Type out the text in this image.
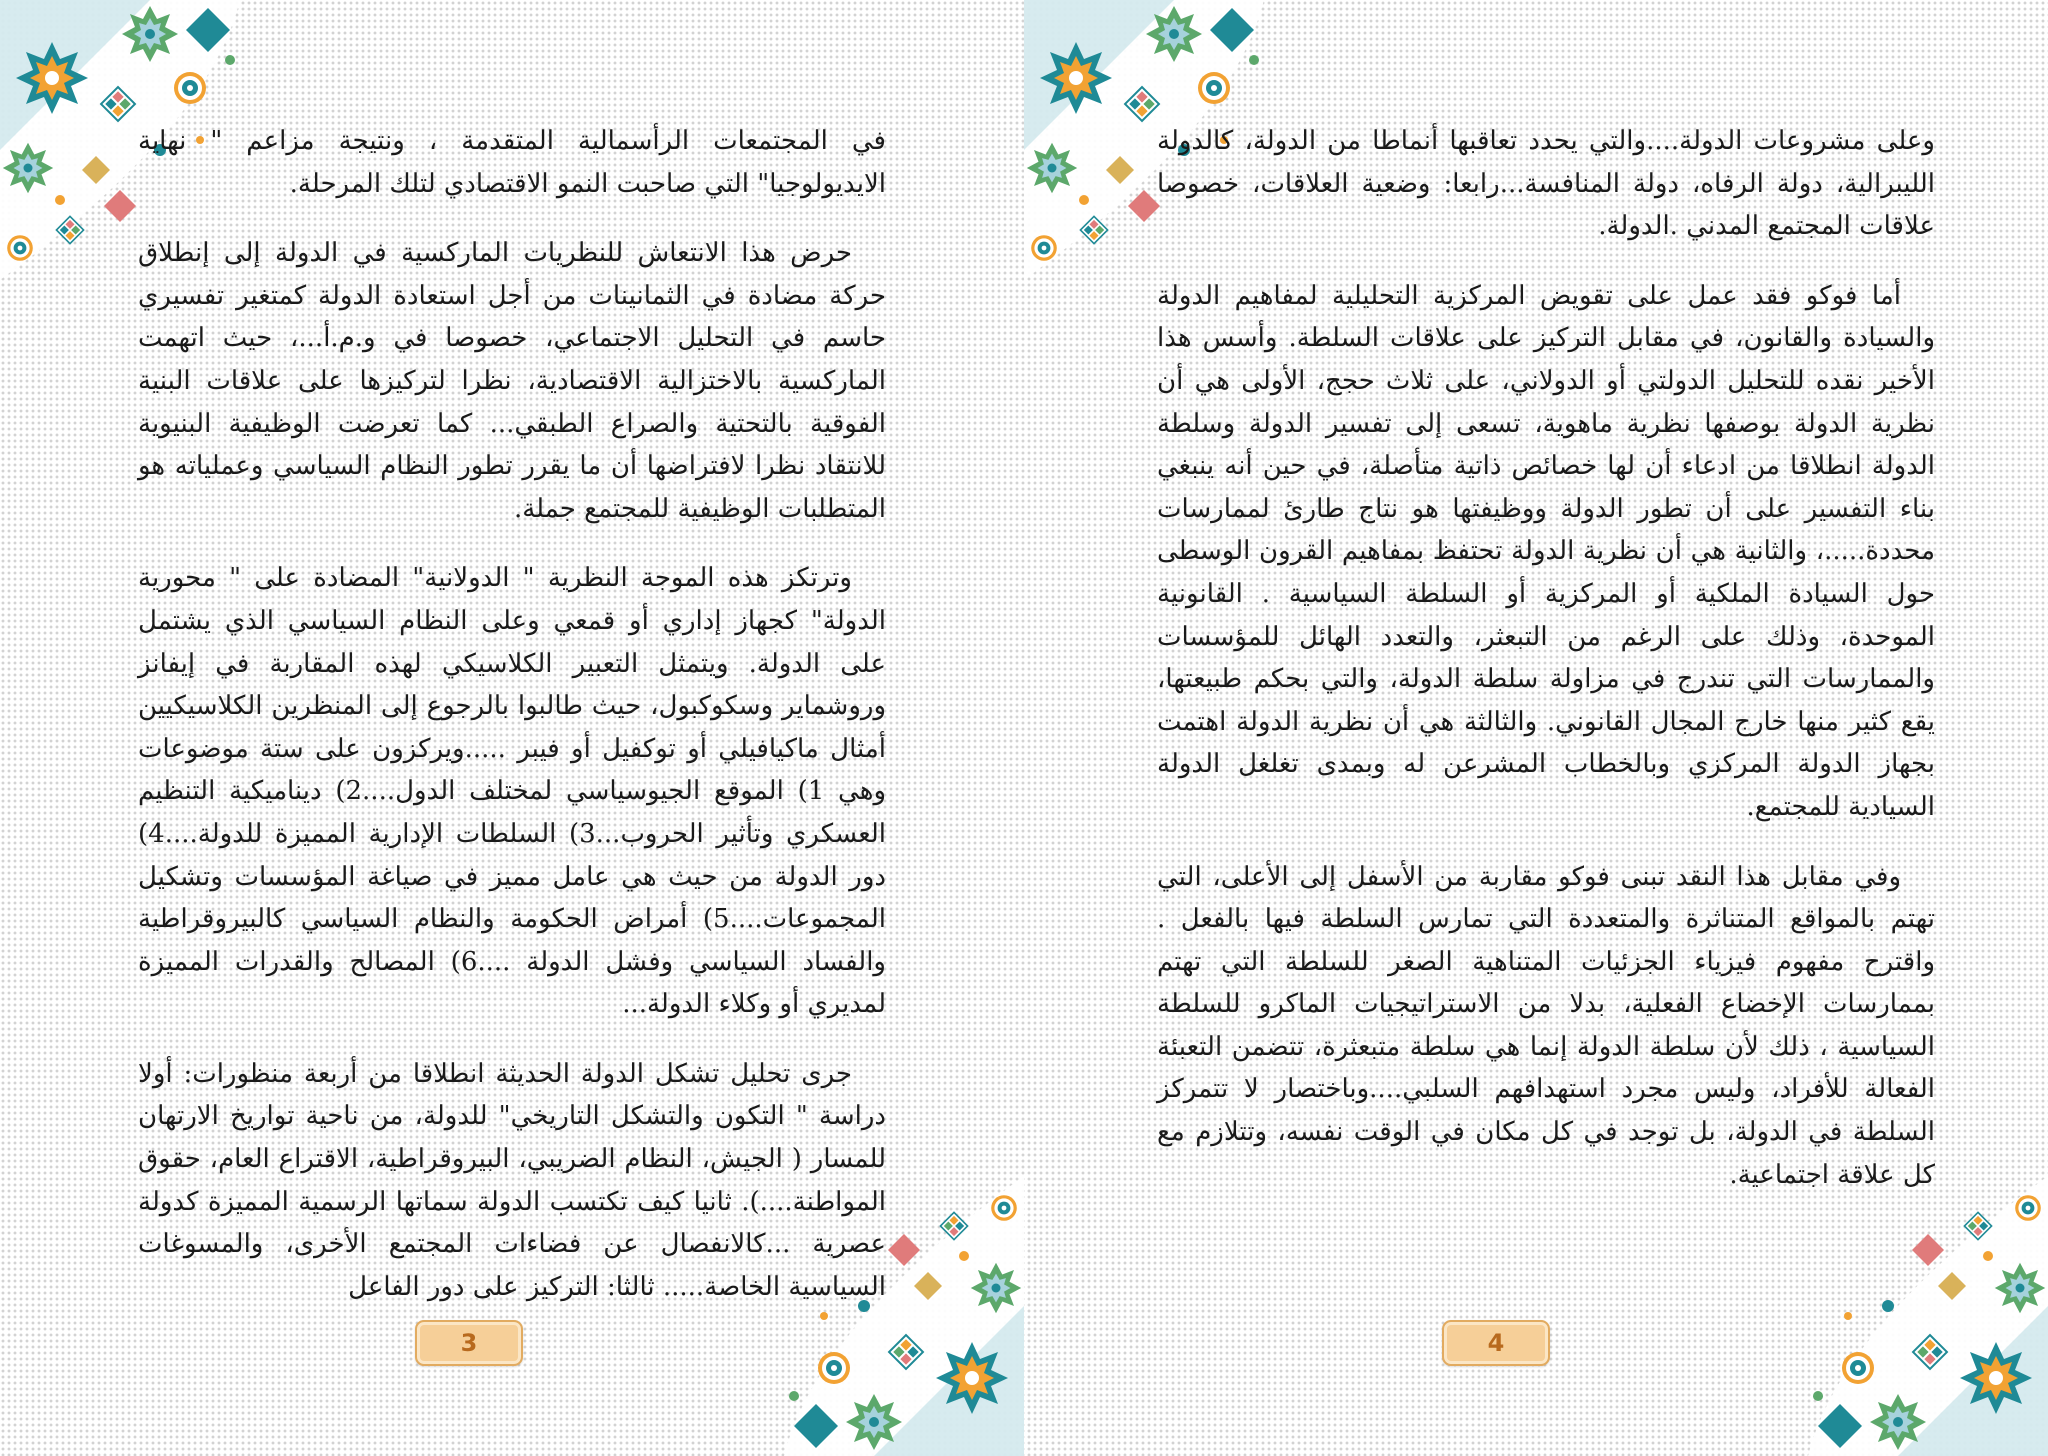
في المجتمعات الرأسمالية المتقدمة ، ونتيجة مزاعم " نهاية الايديولوجيا" التي صاحبت النمو الاقتصادي لتلك المرحلة.

حرض هذا الانتعاش للنظريات الماركسية في الدولة إلى إنطلاق حركة مضادة في الثمانينات من أجل استعادة الدولة كمتغير تفسيري حاسم في التحليل الاجتماعي، خصوصا في و.م.أ...، حيث اتهمت الماركسية بالاختزالية الاقتصادية، نظرا لتركيزها على علاقات البنية الفوقية بالتحتية والصراع الطبقي... كما تعرضت الوظيفية البنيوية للانتقاد نظرا لافتراضها أن ما يقرر تطور النظام السياسي وعملياته هو المتطلبات الوظيفية للمجتمع جملة.

وترتكز هذه الموجة النظرية " الدولانية" المضادة على " محورية الدولة" كجهاز إداري أو قمعي وعلى النظام السياسي الذي يشتمل على الدولة. ويتمثل التعبير الكلاسيكي لهذه المقاربة في إيفانز وروشماير وسكوكبول، حيث طالبوا بالرجوع إلى المنظرين الكلاسيكيين أمثال ماكيافيلي أو توكفيل أو فيبر .....ويركزون على ستة موضوعات وهي 1) الموقع الجيوسياسي لمختلف الدول....2) ديناميكية التنظيم العسكري وتأثير الحروب...3) السلطات الإدارية المميزة للدولة....4) دور الدولة من حيث هي عامل مميز في صياغة المؤسسات وتشكيل المجموعات....5) أمراض الحكومة والنظام السياسي كالبيروقراطية والفساد السياسي وفشل الدولة ....6) المصالح والقدرات المميزة لمديري أو وكلاء الدولة...

جرى تحليل تشكل الدولة الحديثة انطلاقا من أربعة منظورات: أولا دراسة " التكون والتشكل التاريخي" للدولة، من ناحية تواريخ الارتهان للمسار ( الجيش، النظام الضريبي، البيروقراطية، الاقتراع العام، حقوق المواطنة....). ثانيا كيف تكتسب الدولة سماتها الرسمية المميزة كدولة عصرية ...كالانفصال عن فضاءات المجتمع الأخرى، والمسوغات السياسية الخاصة..... ثالثا: التركيز على دور الفاعل

3

وعلى مشروعات الدولة....والتي يحدد تعاقبها أنماطا من الدولة، كالدولة الليبرالية، دولة الرفاه، دولة المنافسة...رابعا: وضعية العلاقات، خصوصا علاقات المجتمع المدني .الدولة.

أما فوكو فقد عمل على تقويض المركزية التحليلية لمفاهيم الدولة والسيادة والقانون، في مقابل التركيز على علاقات السلطة. وأسس هذا الأخير نقده للتحليل الدولتي أو الدولاني، على ثلاث حجج، الأولى هي أن نظرية الدولة بوصفها نظرية ماهوية، تسعى إلى تفسير الدولة وسلطة الدولة انطلاقا من ادعاء أن لها خصائص ذاتية متأصلة، في حين أنه ينبغي بناء التفسير على أن تطور الدولة ووظيفتها هو نتاج طارئ لممارسات محددة.....، والثانية هي أن نظرية الدولة تحتفظ بمفاهيم القرون الوسطى حول السيادة الملكية أو المركزية أو السلطة السياسية . القانونية الموحدة، وذلك على الرغم من التبعثر، والتعدد الهائل للمؤسسات والممارسات التي تندرج في مزاولة سلطة الدولة، والتي بحكم طبيعتها، يقع كثير منها خارج المجال القانوني. والثالثة هي أن نظرية الدولة اهتمت بجهاز الدولة المركزي وبالخطاب المشرعن له وبمدى تغلغل الدولة السيادية للمجتمع.

وفي مقابل هذا النقد تبنى فوكو مقاربة من الأسفل إلى الأعلى، التي تهتم بالمواقع المتناثرة والمتعددة التي تمارس السلطة فيها بالفعل . واقترح مفهوم فيزياء الجزئيات المتناهية الصغر للسلطة التي تهتم بممارسات الإخضاع الفعلية، بدلا من الاستراتيجيات الماكرو للسلطة السياسية ، ذلك لأن سلطة الدولة إنما هي سلطة متبعثرة، تتضمن التعبئة الفعالة للأفراد، وليس مجرد استهدافهم السلبي....وباختصار لا تتمركز السلطة في الدولة، بل توجد في كل مكان في الوقت نفسه، وتتلازم مع كل علاقة اجتماعية.

4
